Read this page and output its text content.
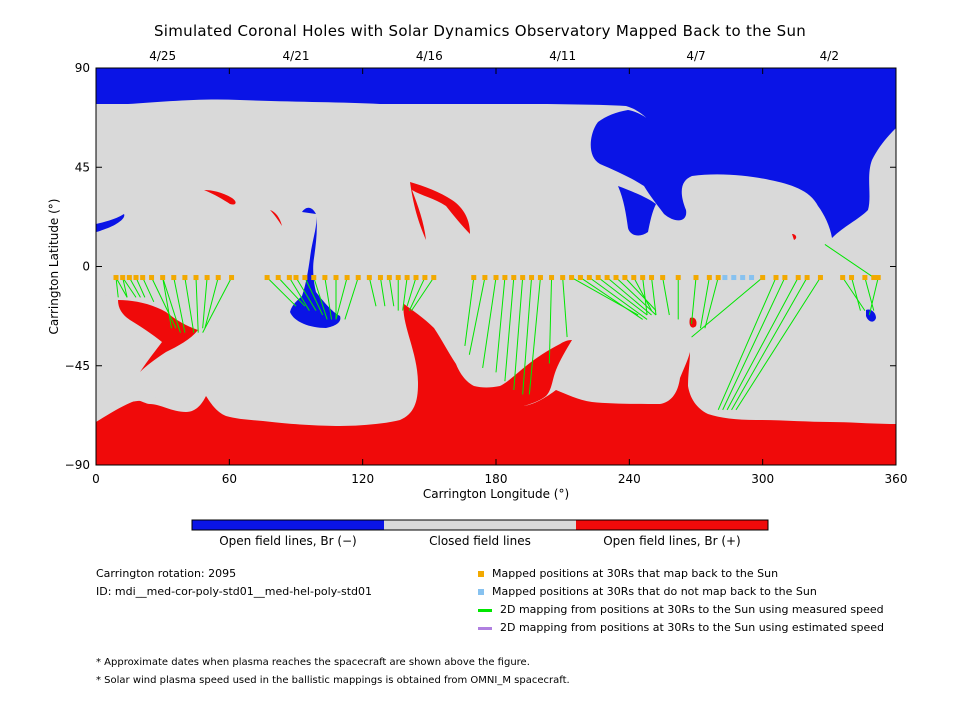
Simulated Coronal Holes with Solar Dynamics Observatory Mapped Back to the Sun
0	60	120	180	240	300	360
90
45
0
−45
−90
Carrington Longitude (°)
Carrington Latitude (°)
4/25	4/21	4/16	4/11	4/7	4/2
Open field lines, Br (−)	Closed field lines	Open field lines, Br (+)
Carrington rotation: 2095
ID: mdi__med-cor-poly-std01__med-hel-poly-std01
Mapped positions at 30Rs that map back to the Sun
Mapped positions at 30Rs that do not map back to the Sun
2D mapping from positions at 30Rs to the Sun using measured speed
2D mapping from positions at 30Rs to the Sun using estimated speed
* Approximate dates when plasma reaches the spacecraft are shown above the figure.
* Solar wind plasma speed used in the ballistic mappings is obtained from OMNI_M spacecraft.
